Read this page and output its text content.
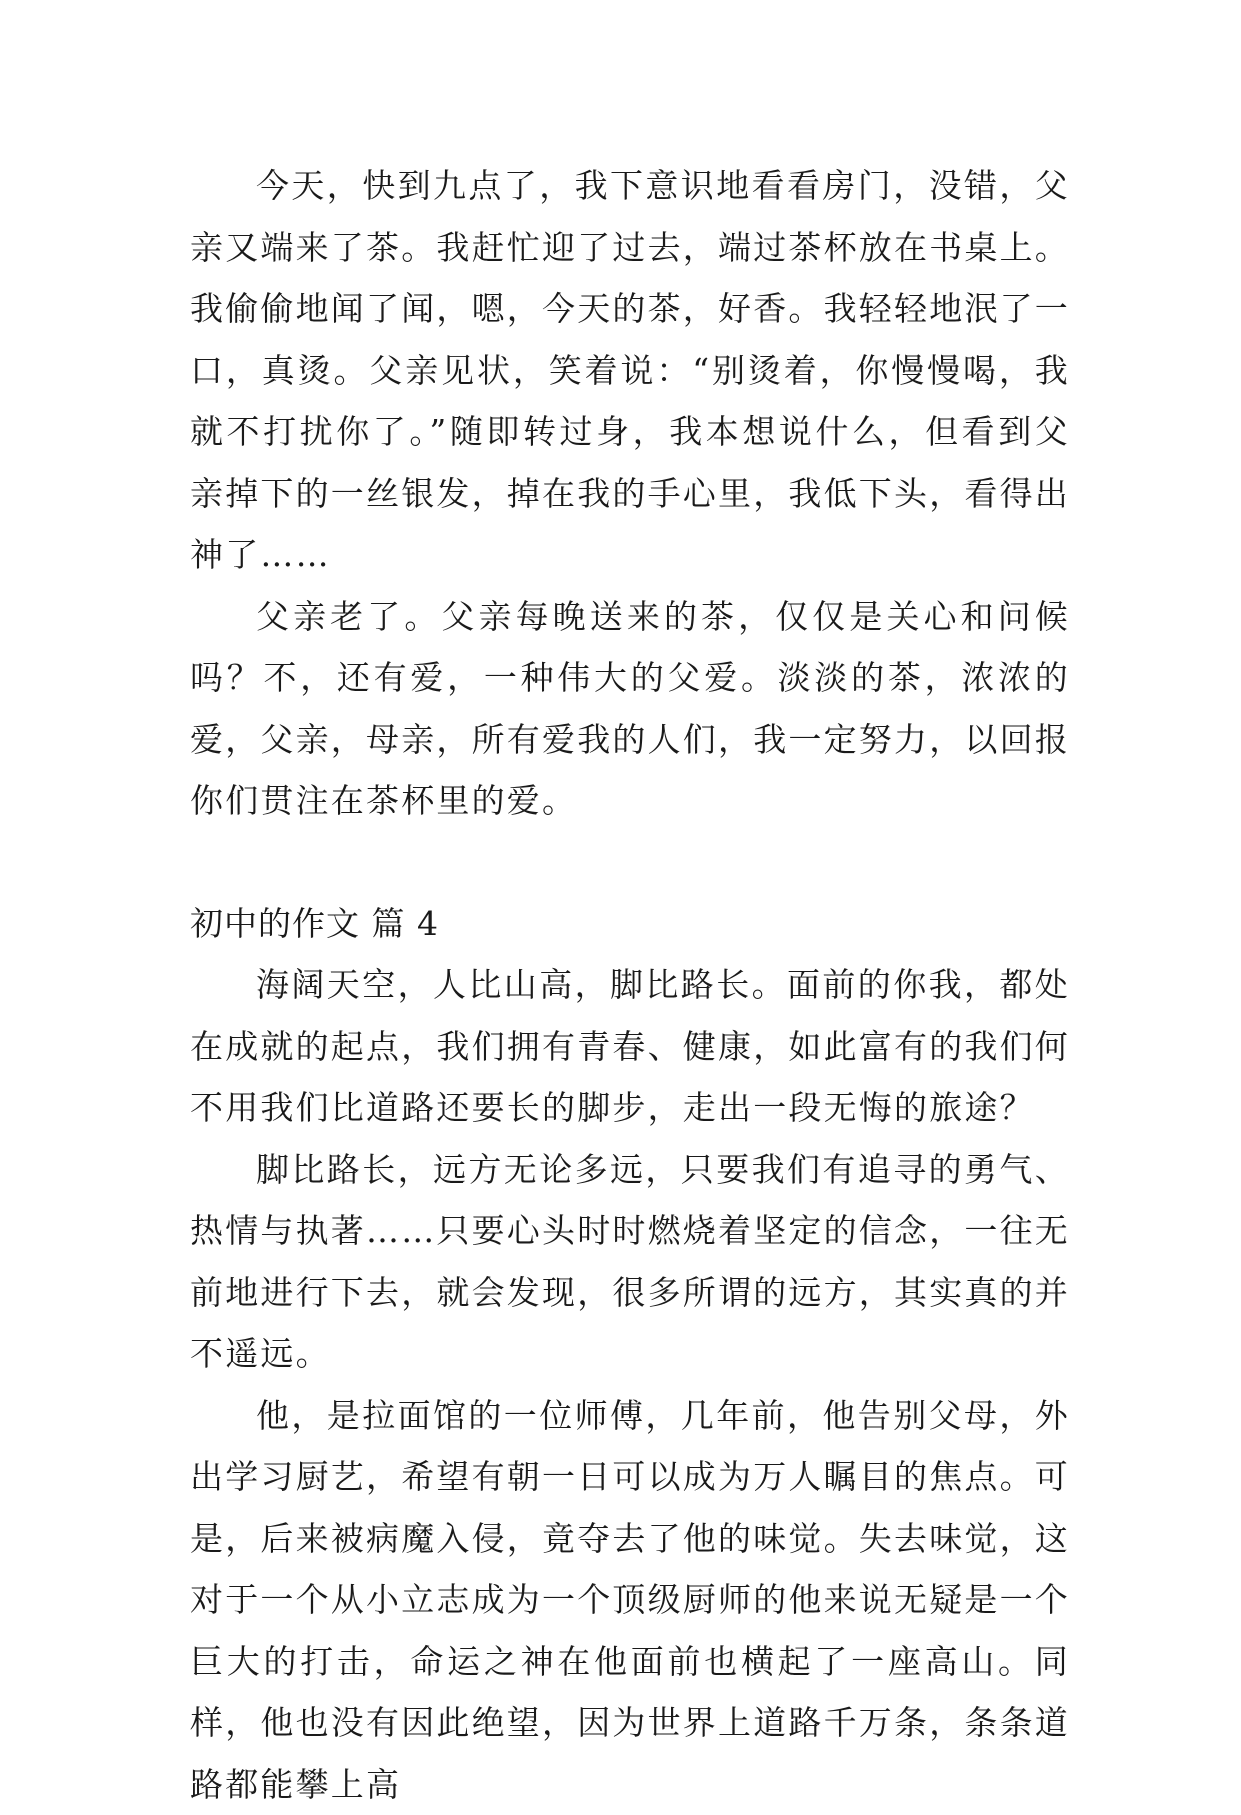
今天，快到九点了，我下意识地看看房门，没错，父亲又端来了茶。我赶忙迎了过去，端过茶杯放在书桌上。我偷偷地闻了闻，嗯，今天的茶，好香。我轻轻地泯了一口，真烫。父亲见状，笑着说：“别烫着，你慢慢喝，我就不打扰你了。”随即转过身，我本想说什么，但看到父亲掉下的一丝银发，掉在我的手心里，我低下头，看得出神了……

父亲老了。父亲每晚送来的茶，仅仅是关心和问候吗？不，还有爱，一种伟大的父爱。淡淡的茶，浓浓的爱，父亲，母亲，所有爱我的人们，我一定努力，以回报你们贯注在茶杯里的爱。

初中的作文 篇 4

海阔天空，人比山高，脚比路长。面前的你我，都处在成就的起点，我们拥有青春、健康，如此富有的我们何不用我们比道路还要长的脚步，走出一段无悔的旅途？

脚比路长，远方无论多远，只要我们有追寻的勇气、热情与执著……只要心头时时燃烧着坚定的信念，一往无前地进行下去，就会发现，很多所谓的远方，其实真的并不遥远。

他，是拉面馆的一位师傅，几年前，他告别父母，外出学习厨艺，希望有朝一日可以成为万人瞩目的焦点。可是，后来被病魔入侵，竟夺去了他的味觉。失去味觉，这对于一个从小立志成为一个顶级厨师的他来说无疑是一个巨大的打击，命运之神在他面前也横起了一座高山。同样，他也没有因此绝望，因为世界上道路千万条，条条道路都能攀上高
